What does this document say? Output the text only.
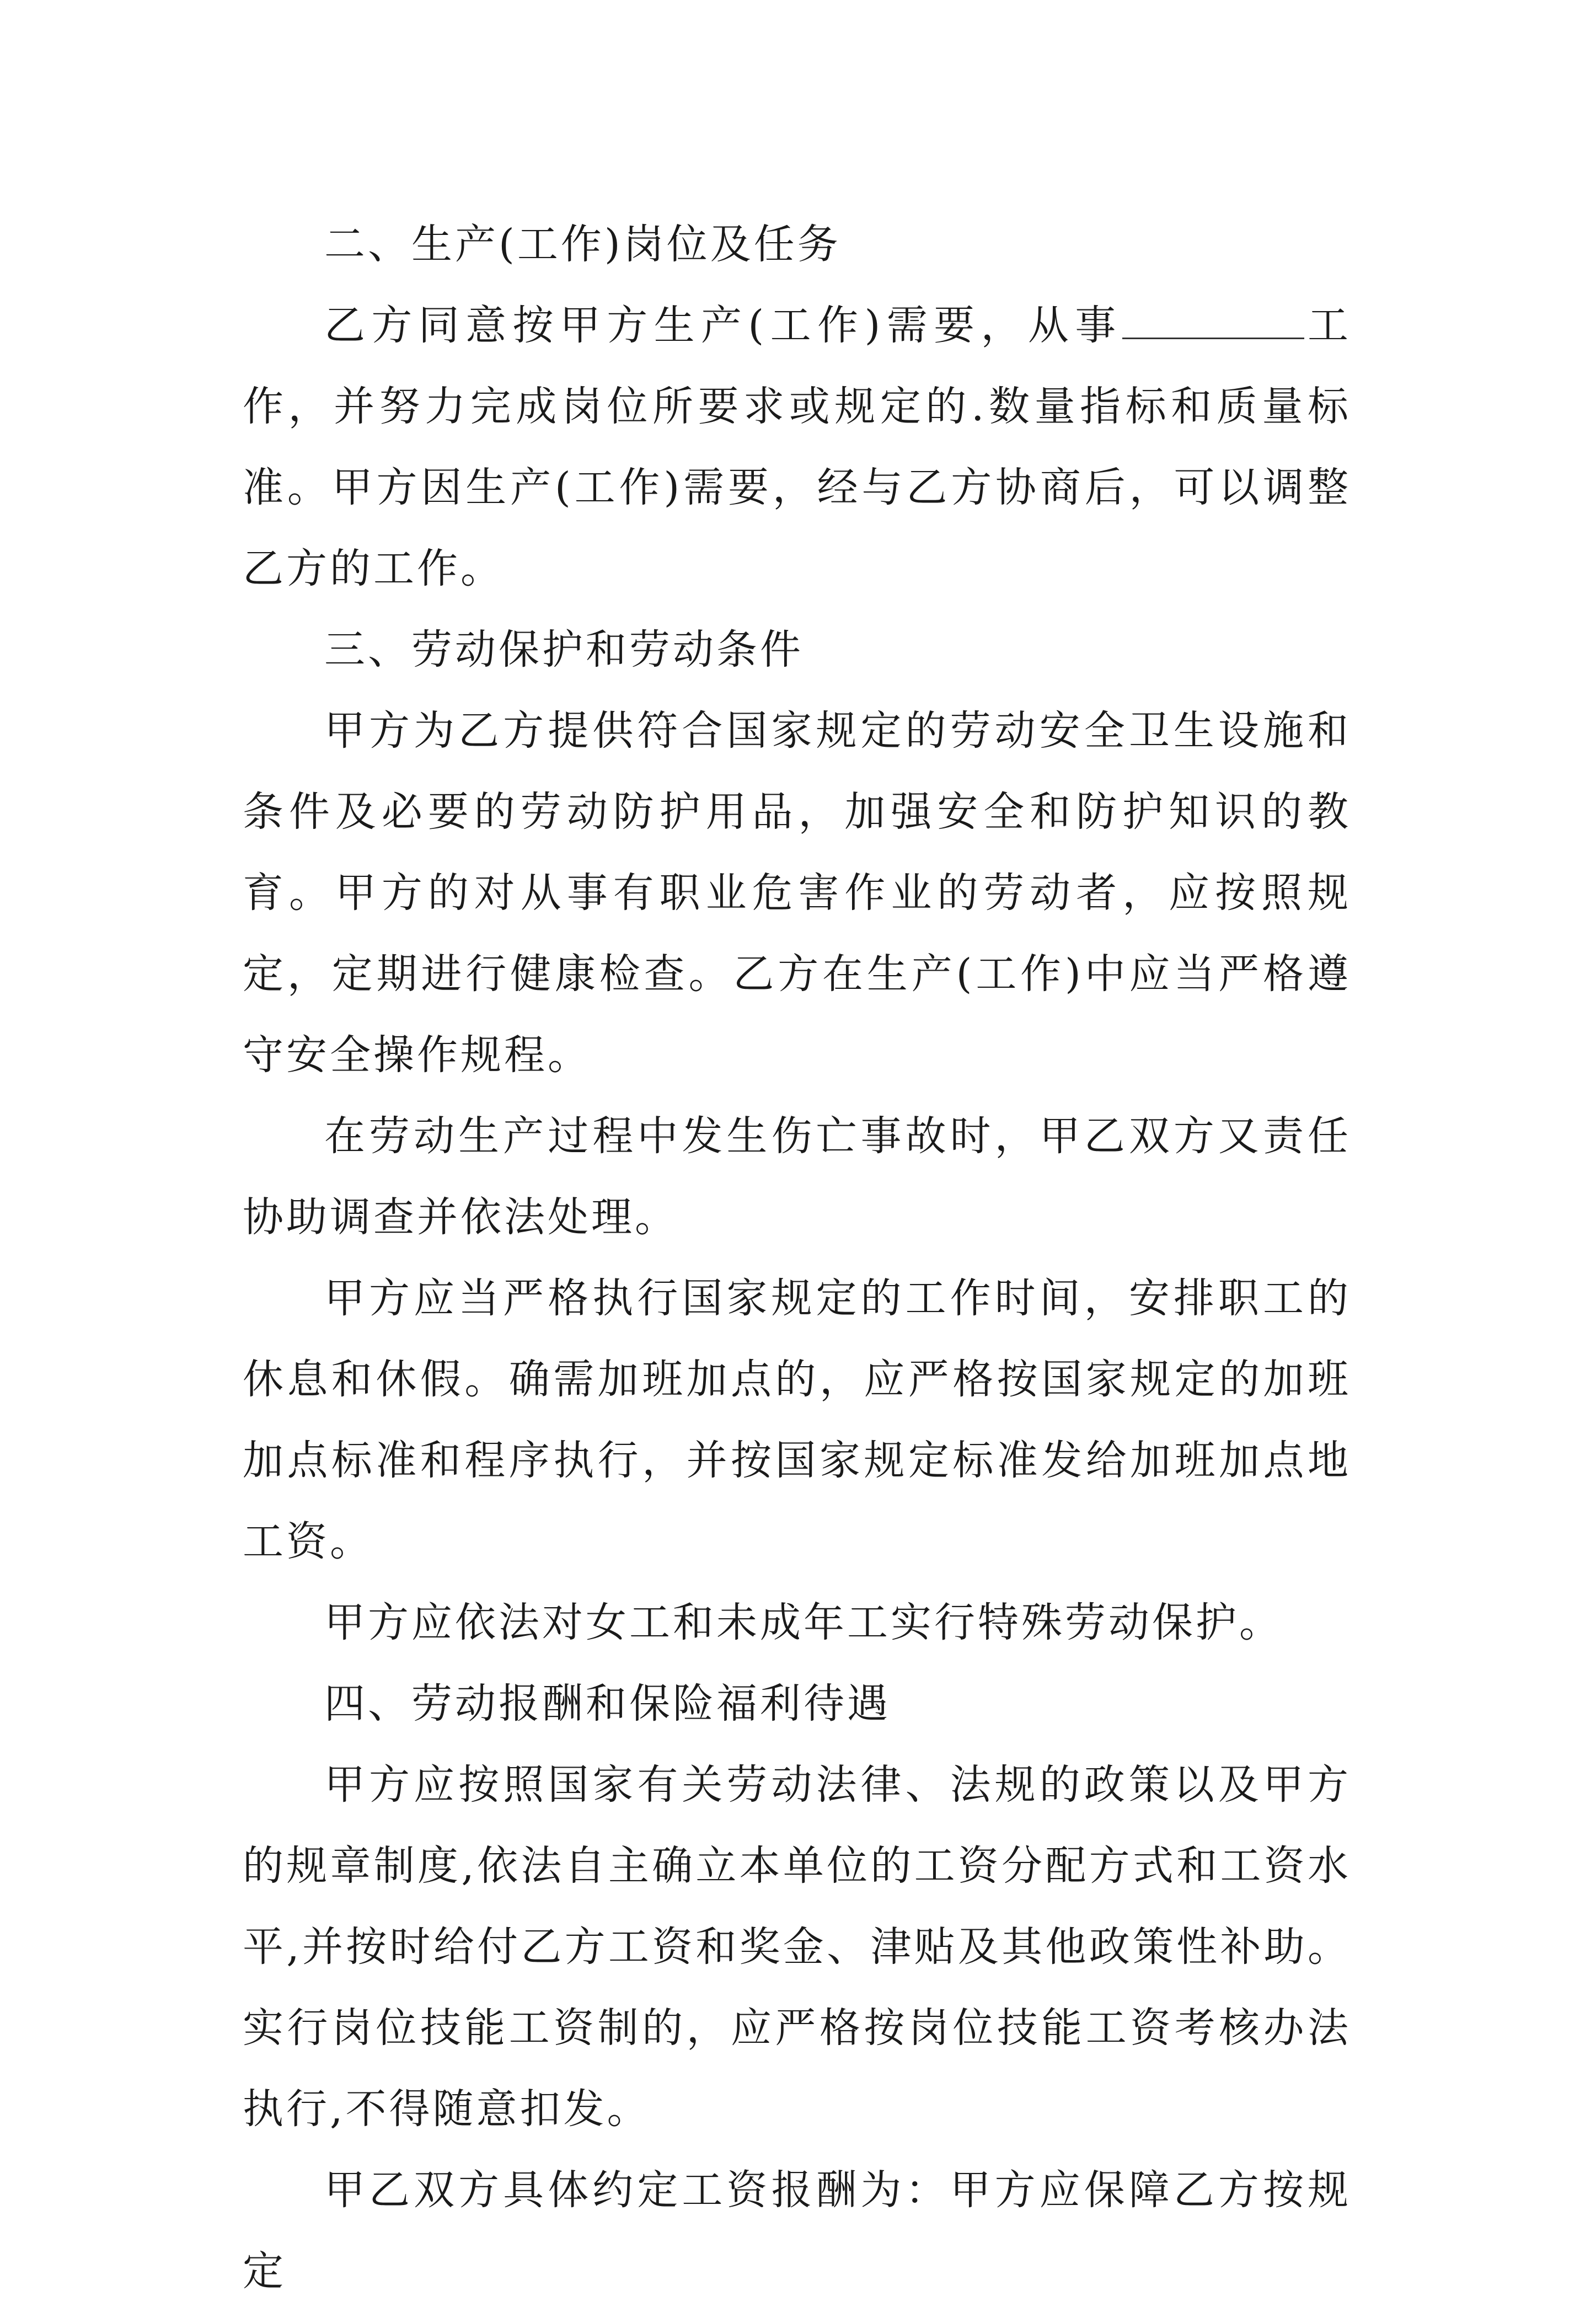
二、生产(工作)岗位及任务

乙方同意按甲方生产(工作)需要，从事	工作，并努力完成岗位所要求或规定的.数量指标和质量标准。甲方因生产(工作)需要，经与乙方协商后，可以调整乙方的工作。

三、劳动保护和劳动条件

甲方为乙方提供符合国家规定的劳动安全卫生设施和条件及必要的劳动防护用品，加强安全和防护知识的教育。甲方的对从事有职业危害作业的劳动者，应按照规定，定期进行健康检查。乙方在生产(工作)中应当严格遵守安全操作规程。

在劳动生产过程中发生伤亡事故时，甲乙双方又责任协助调查并依法处理。

甲方应当严格执行国家规定的工作时间，安排职工的休息和休假。确需加班加点的，应严格按国家规定的加班加点标准和程序执行，并按国家规定标准发给加班加点地工资。

甲方应依法对女工和未成年工实行特殊劳动保护。

四、劳动报酬和保险福利待遇

甲方应按照国家有关劳动法律、法规的政策以及甲方的规章制度,依法自主确立本单位的工资分配方式和工资水平,并按时给付乙方工资和奖金、津贴及其他政策性补助。实行岗位技能工资制的，应严格按岗位技能工资考核办法执行,不得随意扣发。

甲乙双方具体约定工资报酬为：甲方应保障乙方按规定
